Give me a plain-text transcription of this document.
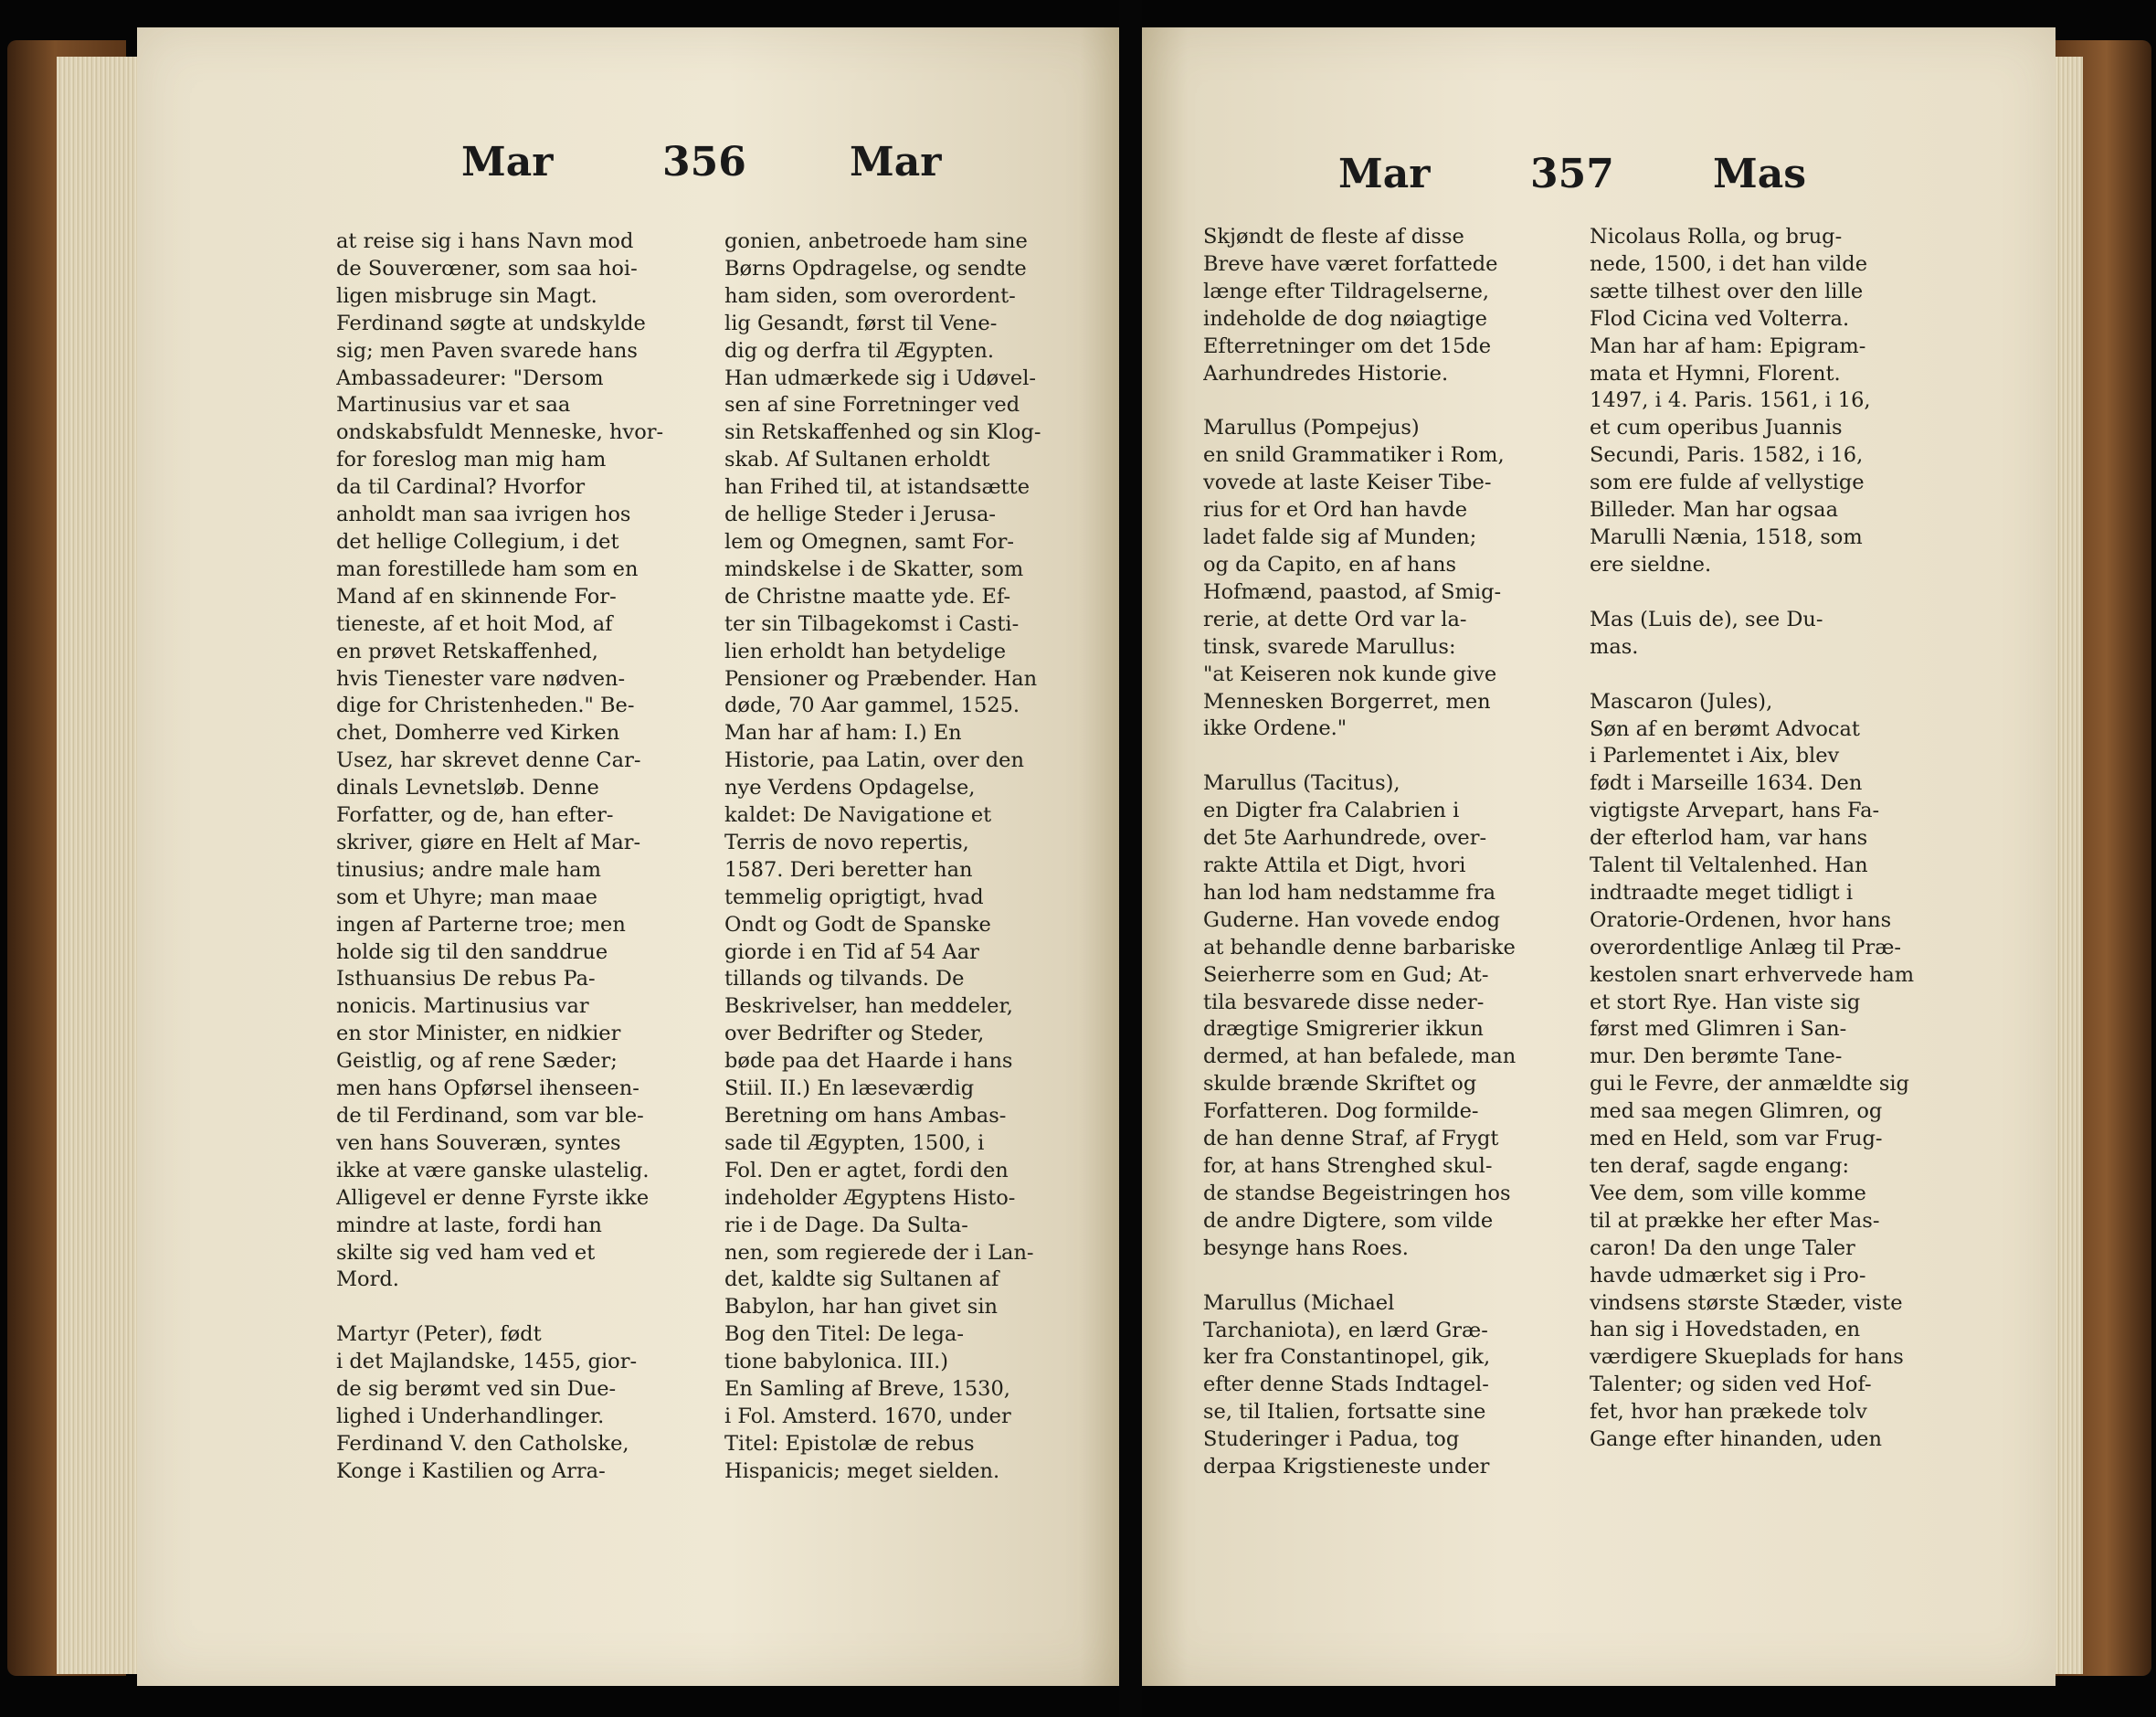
Mar	356	Mar
at reise sig i hans Navn mod
de Souverœner, som saa hoi-
ligen misbruge sin Magt.
Ferdinand søgte at undskylde
sig; men Paven svarede hans
Ambassadeurer: "Dersom
Martinusius var et saa
ondskabsfuldt Menneske, hvor-
for foreslog man mig ham
da til Cardinal? Hvorfor
anholdt man saa ivrigen hos
det hellige Collegium, i det
man forestillede ham som en
Mand af en skinnende For-
tieneste, af et hoit Mod, af
en prøvet Retskaffenhed,
hvis Tienester vare nødven-
dige for Christenheden." Be-
chet, Domherre ved Kirken
Usez, har skrevet denne Car-
dinals Levnetsløb. Denne
Forfatter, og de, han efter-
skriver, giøre en Helt af Mar-
tinusius; andre male ham
som et Uhyre; man maae
ingen af Parterne troe; men
holde sig til den sanddrue
Isthuansius De rebus Pa-
nonicis. Martinusius var
en stor Minister, en nidkier
Geistlig, og af rene Sæder;
men hans Opførsel ihenseen-
de til Ferdinand, som var ble-
ven hans Souveræn, syntes
ikke at være ganske ulastelig.
Alligevel er denne Fyrste ikke
mindre at laste, fordi han
skilte sig ved ham ved et
Mord.
Martyr (Peter), født
i det Majlandske, 1455, gior-
de sig berømt ved sin Due-
lighed i Underhandlinger.
Ferdinand V. den Catholske,
Konge i Kastilien og Arra-
gonien, anbetroede ham sine
Børns Opdragelse, og sendte
ham siden, som overordent-
lig Gesandt, først til Vene-
dig og derfra til Ægypten.
Han udmærkede sig i Udøvel-
sen af sine Forretninger ved
sin Retskaffenhed og sin Klog-
skab. Af Sultanen erholdt
han Frihed til, at istandsætte
de hellige Steder i Jerusa-
lem og Omegnen, samt For-
mindskelse i de Skatter, som
de Christne maatte yde. Ef-
ter sin Tilbagekomst i Casti-
lien erholdt han betydelige
Pensioner og Præbender. Han
døde, 70 Aar gammel, 1525.
Man har af ham: I.) En
Historie, paa Latin, over den
nye Verdens Opdagelse,
kaldet: De Navigatione et
Terris de novo repertis,
1587. Deri beretter han
temmelig oprigtigt, hvad
Ondt og Godt de Spanske
giorde i en Tid af 54 Aar
tillands og tilvands. De
Beskrivelser, han meddeler,
over Bedrifter og Steder,
bøde paa det Haarde i hans
Stiil. II.) En læseværdig
Beretning om hans Ambas-
sade til Ægypten, 1500, i
Fol. Den er agtet, fordi den
indeholder Ægyptens Histo-
rie i de Dage. Da Sulta-
nen, som regierede der i Lan-
det, kaldte sig Sultanen af
Babylon, har han givet sin
Bog den Titel: De lega-
tione babylonica. III.)
En Samling af Breve, 1530,
i Fol. Amsterd. 1670, under
Titel: Epistolæ de rebus
Hispanicis; meget sielden.
Mar 357 Mas
Skjøndt de fleste af disse
Breve have været forfattede
længe efter Tildragelserne,
indeholde de dog nøiagtige
Efterretninger om det 15de
Aarhundredes Historie.
Marullus (Pompejus)
en snild Grammatiker i Rom,
vovede at laste Keiser Tibe-
rius for et Ord han havde
ladet falde sig af Munden;
og da Capito, en af hans
Hofmænd, paastod, af Smig-
rerie, at dette Ord var la-
tinsk, svarede Marullus:
"at Keiseren nok kunde give
Mennesken Borgerret, men
ikke Ordene."
Marullus (Tacitus),
en Digter fra Calabrien i
det 5te Aarhundrede, over-
rakte Attila et Digt, hvori
han lod ham nedstamme fra
Guderne. Han vovede endog
at behandle denne barbariske
Seierherre som en Gud; At-
tila besvarede disse neder-
drægtige Smigrerier ikkun
dermed, at han befalede, man
skulde brænde Skriftet og
Forfatteren. Dog formilde-
de han denne Straf, af Frygt
for, at hans Strenghed skul-
de standse Begeistringen hos
de andre Digtere, som vilde
besynge hans Roes.
Marullus (Michael
Tarchaniota), en lærd Græ-
ker fra Constantinopel, gik,
efter denne Stads Indtagel-
se, til Italien, fortsatte sine
Studeringer i Padua, tog
derpaa Krigstieneste under
Nicolaus Rolla, og brug-
nede, 1500, i det han vilde
sætte tilhest over den lille
Flod Cicina ved Volterra.
Man har af ham: Epigram-
mata et Hymni, Florent.
1497, i 4. Paris. 1561, i 16,
et cum operibus Juannis
Secundi, Paris. 1582, i 16,
som ere fulde af vellystige
Billeder. Man har ogsaa
Marulli Nænia, 1518, som
ere sieldne.
Mas (Luis de), see Du-
mas.
Mascaron (Jules),
Søn af en berømt Advocat
i Parlementet i Aix, blev
født i Marseille 1634. Den
vigtigste Arvepart, hans Fa-
der efterlod ham, var hans
Talent til Veltalenhed. Han
indtraadte meget tidligt i
Oratorie-Ordenen, hvor hans
overordentlige Anlæg til Præ-
kestolen snart erhvervede ham
et stort Rye. Han viste sig
først med Glimren i San-
mur. Den berømte Tane-
gui le Fevre, der anmældte sig
med saa megen Glimren, og
med en Held, som var Frug-
ten deraf, sagde engang:
Vee dem, som ville komme
til at prække her efter Mas-
caron! Da den unge Taler
havde udmærket sig i Pro-
vindsens største Stæder, viste
han sig i Hovedstaden, en
værdigere Skueplads for hans
Talenter; og siden ved Hof-
fet, hvor han prækede tolv
Gange efter hinanden, uden
